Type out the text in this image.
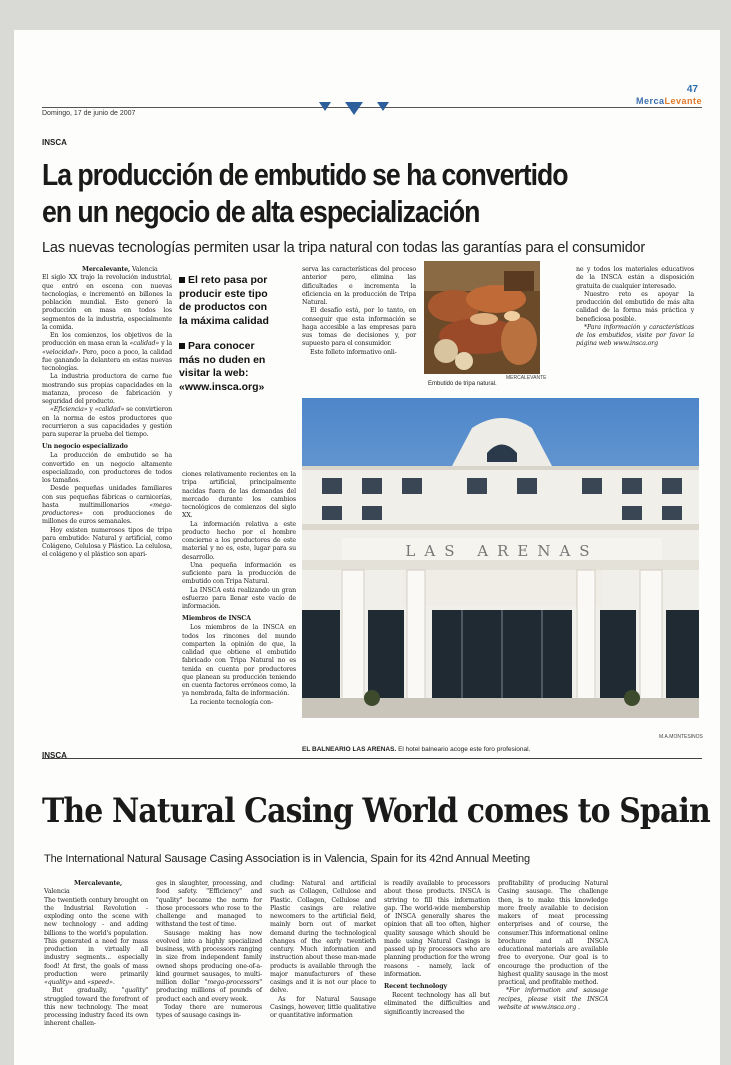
47
MercaLevante
Domingo, 17 de junio de 2007
INSCA
La producción de embutido se ha convertido
en un negocio de alta especialización
Las nuevas tecnologías permiten usar la tripa natural con todas las garantías para el consumidor

Mercalevante, Valencia

El siglo XX trajo la revolución industrial, que entró en escena con nuevas tecnologías, e incrementó en billones la población mundial. Esto generó la producción en masa en todos los segmentos de la industria, especialmente la comida.

En los comienzos, los objetivos de la producción en masa eran la «calidad» y la «velocidad». Pero, poco a poco, la calidad fue ganando la delantera en estas nuevas tecnologías.

La industria productora de carne fue mostrando sus propias capacidades en la matanza, proceso de fabricación y seguridad del producto.

«Eficiencia» y «calidad» se convirtieron en la norma de estos productores que recurrieron a sus capacidades y gestión para superar la prueba del tiempo.

Un negocio especializado

La producción de embutido se ha convertido en un negocio altamente especializado, con productores de todos los tamaños.

Desde pequeñas unidades familiares con sus pequeñas fábricas o carnicerías, hasta multimillonarios «mega-productores» con producciones de millones de euros semanales.

Hoy existen numerosos tipos de tripa para embutido: Natural y artificial, como Colágeno, Celulosa y Plástico. La celulosa, el colágeno y el plástico son apari-

El reto pasa por producir este tipo de productos con la máxima calidad
Para conocer más no duden en visitar la web: «www.insca.org»

ciones relativamente recientes en la tripa artificial, principalmente nacidas fuera de las demandas del mercado durante los cambios tecnológicos de comienzos del siglo XX.

La información relativa a este producto hecho por el hombre concierne a los productores de este material y no es, este, lugar para su desarrollo.

Una pequeña información es suficiente para la producción de embutido con Tripa Natural.

La INSCA está realizando un gran esfuerzo para llenar este vacío de información.

Miembros de INSCA

Los miembros de la INSCA en todos los rincones del mundo comparten la opinión de que, la calidad que obtiene el embutido fabricado con Tripa Natural no es tenida en cuenta por productores que planean su producción teniendo en cuenta factores erróneos como, la ya nombrada, falta de información.

La reciente tecnología con-

serva las características del proceso anterior pero, elimina las dificultades e incrementa la eficiencia en la producción de Tripa Natural.

El desafío está, por lo tanto, en conseguir que esta información se haga accesible a las empresas para sus tomas de decisiones y, por supuesto para el consumidor.

Este folleto informativo onli-

MERCALEVANTE
Embutido de tripa natural.

ne y todos los materiales educativos de la INSCA están a disposición gratuita de cualquier interesado.

Nuestro reto es apoyar la producción del embutido de más alta calidad de la forma más práctica y beneficiosa posible.

*Para información y características de los embutidos, visite por favor la página web www.insca.org

LAS ARENAS
M.A.MONTESINOS
EL BALNEARIO LAS ARENAS. El hotel balneario acoge este foro profesional.
INSCA
The Natural Casing World comes to Spain
The International Natural Sausage Casing Association is in Valencia, Spain for its 42nd Annual Meeting

Mercalevante, Valencia

The twentieth century brought on the Industrial Revolution - exploding onto the scene with new technology - and adding billions to the world's population. This generated a need for mass production in virtually all industry segments... especially food! At first, the goals of mass production were primarily «quality» and «speed».

But gradually, "quality" struggled toward the forefront of this new technology. The meat processing industry faced its own inherent challen-

ges in slaughter, processing, and food safety. "Efficiency" and "quality" became the norm for those processors who rose to the challenge and managed to withstand the test of time.

Sausage making has now evolved into a highly specialized business, with processors ranging in size from independent family owned shops producing one-of-a-kind gourmet sausages, to multi-million dollar "mega-processors" producing millions of pounds of product each and every week.

Today there are numerous types of sausage casings in-

cluding: Natural and artificial such as Collagen, Cellulose and Plastic. Collagen, Cellulose and Plastic casings are relative newcomers to the artificial field, mainly born out of market demand during the technological changes of the early twentieth century. Much information and instruction about these man-made products is available through the major manufacturers of these casings and it is not our place to delve.

As for Natural Sausage Casings, however, little qualitative or quantitative information

is readily available to processors about these products. INSCA is striving to fill this information gap. The world-wide membership of INSCA generally shares the opinion that all too often, higher quality sausage which should be made using Natural Casings is passed up by processors who are planning production for the wrong reasons - namely, lack of information.

Recent technology

Recent technology has all but eliminated the difficulties and significantly increased the

profitability of producing Natural Casing sausage. The challenge then, is to make this knowledge more freely available to decision makers of meat processing enterprises and of course, the consumer.This informational online brochure and all INSCA educational materials are available free to everyone. Our goal is to encourage the production of the highest quality sausage in the most practical, and profitable method.

*For information and sausage recipes, please visit the INSCA website at www.insca.org .
